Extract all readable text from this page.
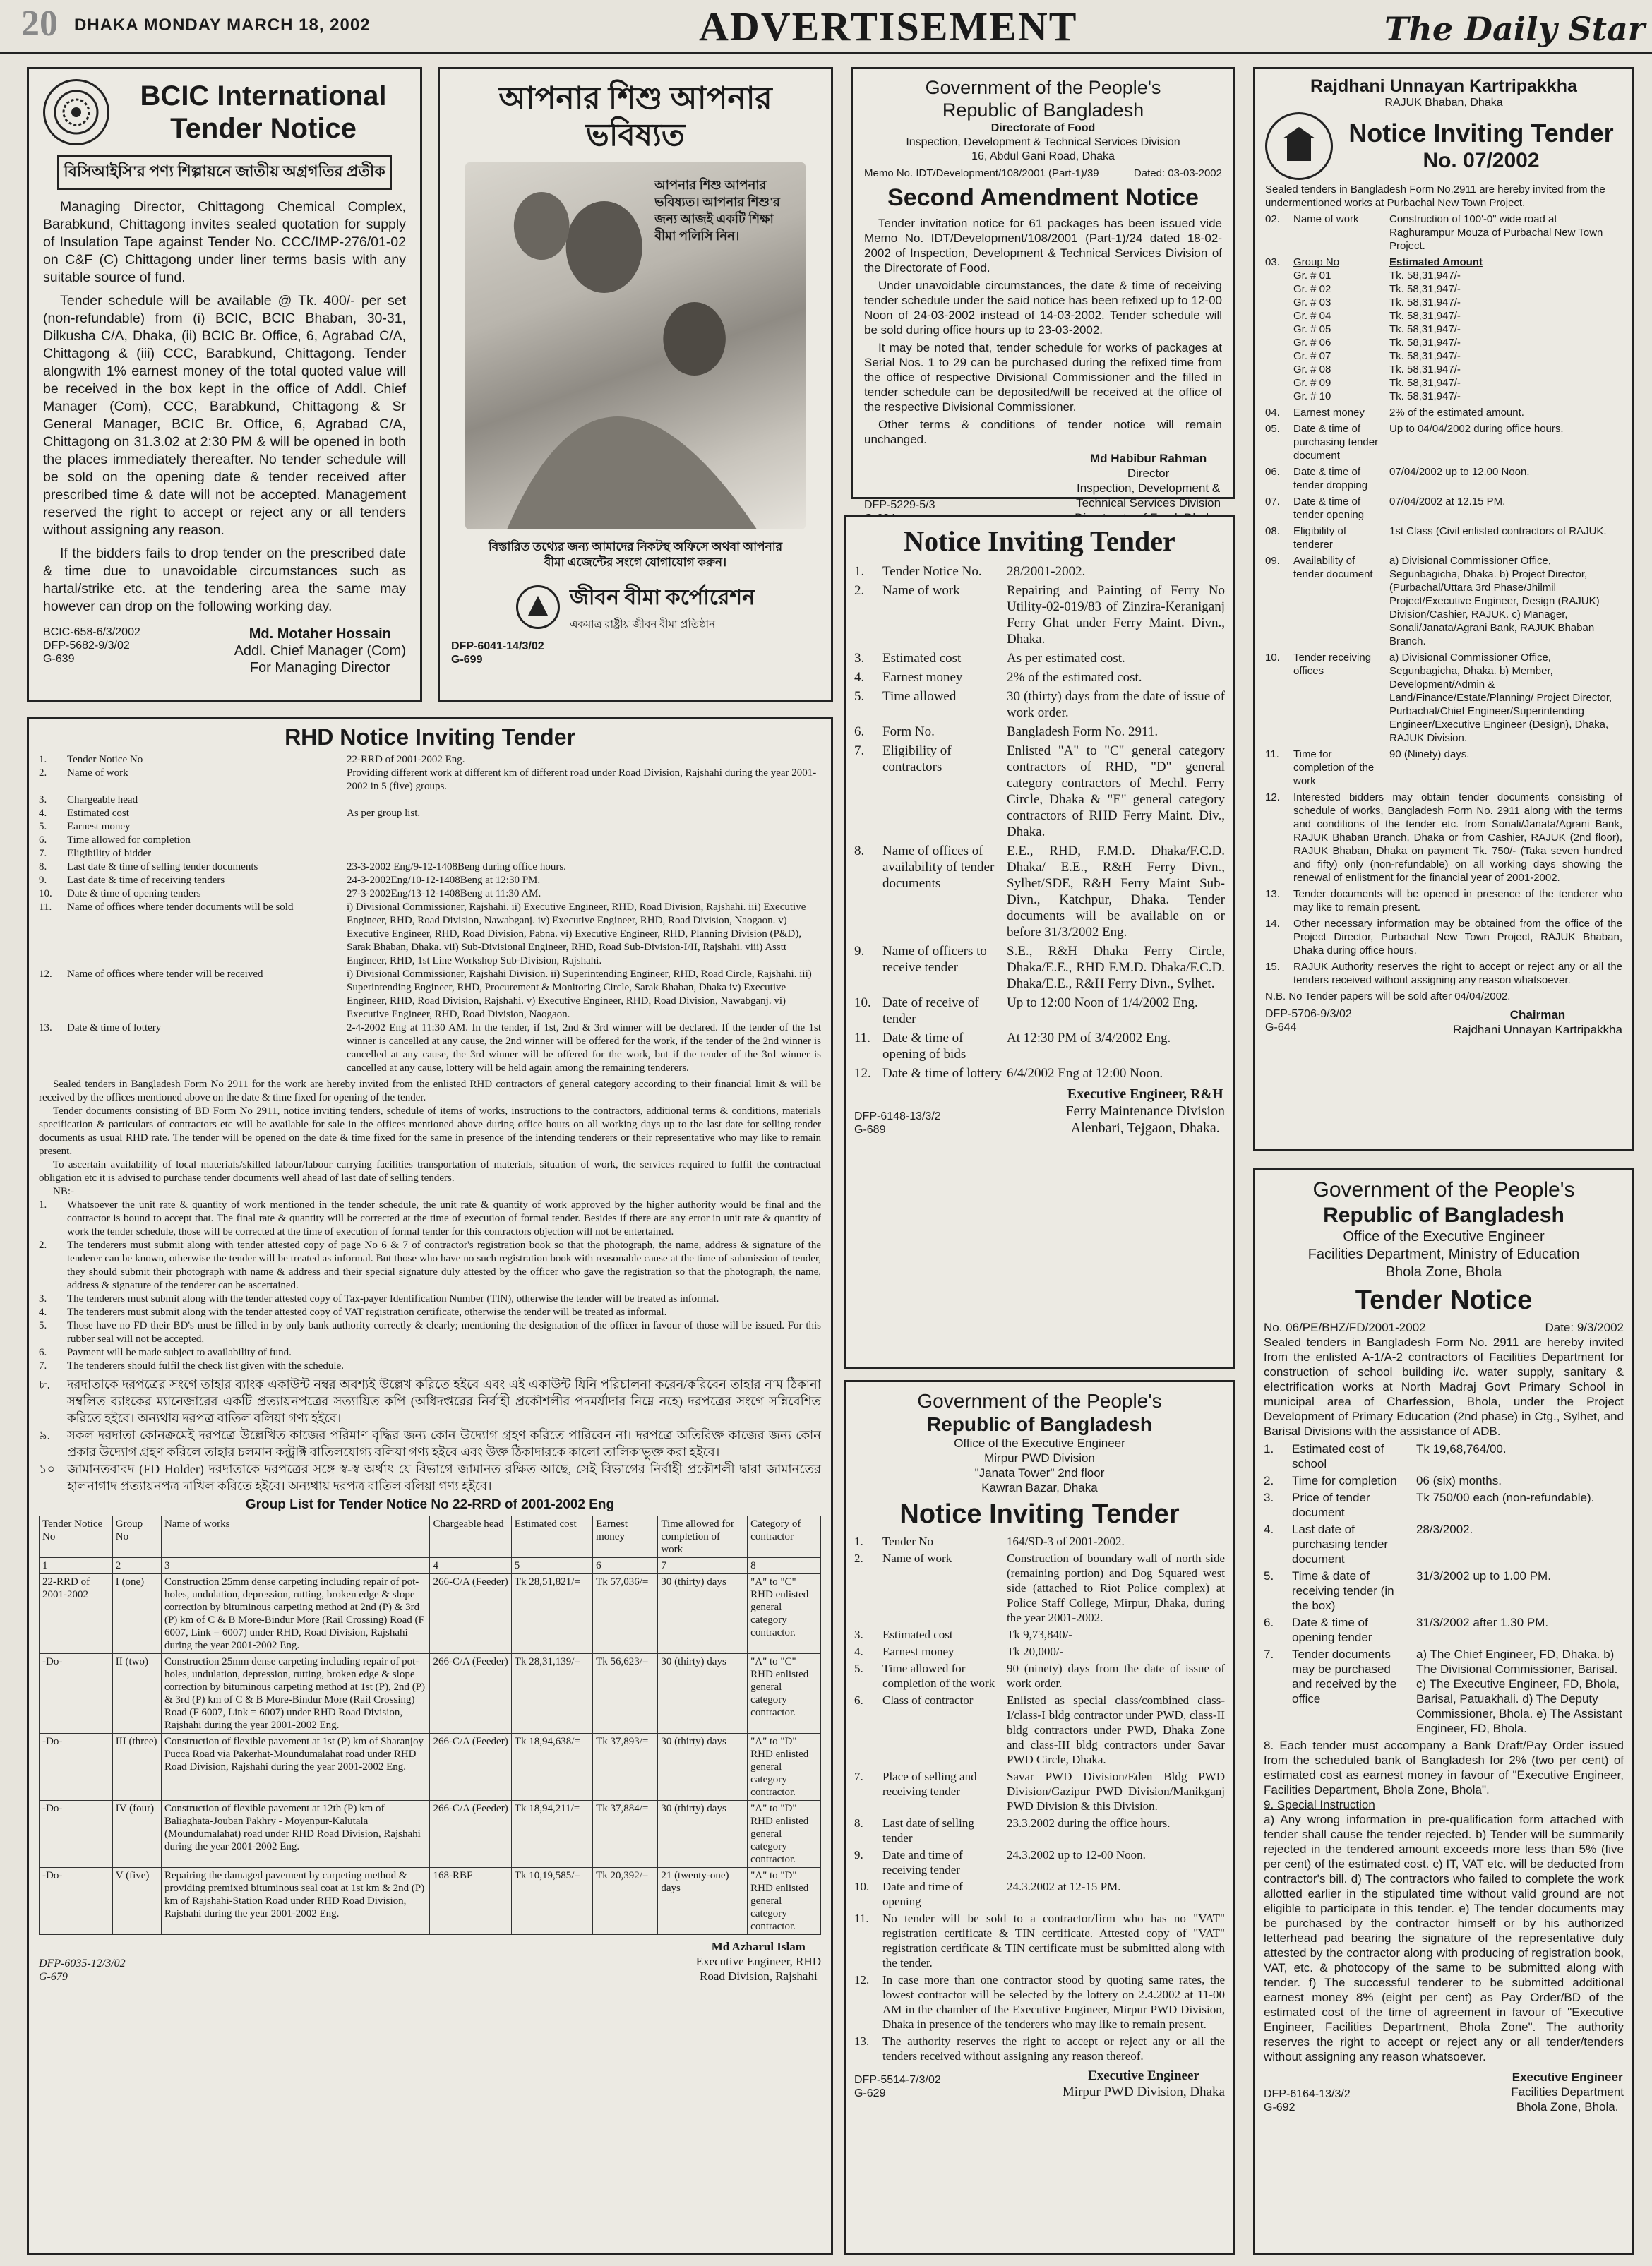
20 DHAKA MONDAY MARCH 18, 2002	ADVERTISEMENT	The Daily Star
BCIC International
Tender Notice
বিসিআইসি'র পণ্য শিল্পায়নে জাতীয় অগ্রগতির প্রতীক

Managing Director, Chittagong Chemical Complex, Barabkund, Chittagong invites sealed quotation for supply of Insulation Tape against Tender No. CCC/IMP-276/01-02 on C&F (C) Chittagong under liner terms basis with any suitable source of fund.

Tender schedule will be available @ Tk. 400/- per set (non-refundable) from (i) BCIC, BCIC Bhaban, 30-31, Dilkusha C/A, Dhaka, (ii) BCIC Br. Office, 6, Agrabad C/A, Chittagong & (iii) CCC, Barabkund, Chittagong. Tender alongwith 1% earnest money of the total quoted value will be received in the box kept in the office of Addl. Chief Manager (Com), CCC, Barabkund, Chittagong & Sr General Manager, BCIC Br. Office, 6, Agrabad C/A, Chittagong on 31.3.02 at 2:30 PM & will be opened in both the places immediately thereafter. No tender schedule will be sold on the opening date & tender received after prescribed time & date will not be accepted. Management reserved the right to accept or reject any or all tenders without assigning any reason.

If the bidders fails to drop tender on the prescribed date & time due to unavoidable circumstances such as hartal/strike etc. at the tendering area the same may however can drop on the following working day.

BCIC-658-6/3/2002
DFP-5682-9/3/02
G-639
Md. Motaher Hossain
Addl. Chief Manager (Com)
For Managing Director
আপনার শিশু আপনার ভবিষ্যত
আপনার শিশু আপনার ভবিষ্যত। আপনার শিশু'র জন্য আজই একটি শিক্ষা বীমা পলিসি নিন।
বিস্তারিত তথ্যের জন্য আমাদের নিকটস্থ অফিসে অথবা আপনার বীমা এজেন্টের সংগে যোগাযোগ করুন।
জীবন বীমা কর্পোরেশন
একমাত্র রাষ্ট্রীয় জীবন বীমা প্রতিষ্ঠান
DFP-6041-14/3/02
G-699
Government of the People's
Republic of Bangladesh
Directorate of Food
Inspection, Development & Technical Services Division
16, Abdul Gani Road, Dhaka
Memo No. IDT/Development/108/2001 (Part-1)/39	Dated: 03-03-2002
Second Amendment Notice

Tender invitation notice for 61 packages has been issued vide Memo No. IDT/Development/108/2001 (Part-1)/24 dated 18-02-2002 of Inspection, Development & Technical Services Division of the Directorate of Food.

Under unavoidable circumstances, the date & time of receiving tender schedule under the said notice has been refixed up to 12-00 Noon of 24-03-2002 instead of 14-03-2002. Tender schedule will be sold during office hours up to 23-03-2002.

It may be noted that, tender schedule for works of packages at Serial Nos. 1 to 29 can be purchased during the refixed time from the office of respective Divisional Commissioner and the filled in tender schedule can be deposited/will be received at the office of the respective Divisional Commissioner.

Other terms & conditions of tender notice will remain unchanged.

DFP-5229-5/3
Md Habibur Rahman
Director
Inspection, Development &
Technical Services Division
Rajdhani Unnayan Kartripakkha
RAJUK Bhaban, Dhaka
Notice Inviting Tender
No. 07/2002
Sealed tenders in Bangladesh Form No.2911 are hereby invited from the undermentioned works at Purbachal New Town Project.
02.	Name of work	Construction of 100'-0" wide road at Raghurampur Mouza of Purbachal New Town Project.
03.	Group No	Estimated Amount
Gr. # 01	Tk. 58,31,947/-
Gr. # 02	Tk. 58,31,947/-
Gr. # 03	Tk. 58,31,947/-
Gr. # 04	Tk. 58,31,947/-
Gr. # 05	Tk. 58,31,947/-
Gr. # 06	Tk. 58,31,947/-
Gr. # 07	Tk. 58,31,947/-
Gr. # 08	Tk. 58,31,947/-
Gr. # 09	Tk. 58,31,947/-
Gr. # 10	Tk. 58,31,947/-
04.	Earnest money	2% of the estimated amount.
05.	Date & time of purchasing tender document
Up to 04/04/2002 during office hours.
06.	Date & time of tender dropping
07/04/2002 up to 12.00 Noon.
07.	Date & time of tender opening
07/04/2002 at 12.15 PM.
08.	Eligibility of tenderer
1st Class (Civil enlisted contractors of RAJUK.
09.	Availability of tender document
a) Divisional Commissioner Office, Segunbagicha, Dhaka. b) Project Director, (Purbachal/Uttara 3rd Phase/Jhilmil Project/Executive Engineer, Design (RAJUK) Division/Cashier, RAJUK. c) Manager, Sonali/Janata/Agrani Bank, RAJUK Bhaban Branch.
10.	Tender receiving offices
a) Divisional Commissioner Office, Segunbagicha, Dhaka. b) Member, Development/Admin & Land/Finance/Estate/Planning/ Project Director, Purbachal/Chief Engineer/Superintending Engineer/Executive Engineer (Design), Dhaka, RAJUK Division.
11.	Time for completion of the work
90 (Ninety) days.
12.	Interested bidders may obtain tender documents consisting of schedule of works, Bangladesh Form No. 2911 along with the terms and conditions of the tender etc. from Sonali/Janata/Agrani Bank, RAJUK Bhaban Branch, Dhaka or from Cashier, RAJUK (2nd floor), RAJUK Bhaban, Dhaka on payment Tk. 750/- (Taka seven hundred and fifty) only (non-refundable) on all working days showing the renewal of enlistment for the financial year of 2001-2002.
13.	Tender documents will be opened in presence of the tenderer who may like to remain present.
14.	Other necessary information may be obtained from the office of the Project Director, Purbachal New Town Project, RAJUK Bhaban, Dhaka during office hours.
15.	RAJUK Authority reserves the right to accept or reject any or all the tenders received without assigning any reason whatsoever.
N.B. No Tender papers will be sold after 04/04/2002.
DFP-5706-9/3/02
G-644
Chairman
Rajdhani Unnayan Kartripakkha
RHD Notice Inviting Tender
1.	Tender Notice No	22-RRD of 2001-2002 Eng.
2.	Name of work	Providing different work at different km of different road under Road Division, Rajshahi during the year 2001-2002 in 5 (five) groups.
3.	Chargeable head
4.	Estimated cost	As per group list.
5.	Earnest money
6.	Time allowed for completion
7.	Eligibility of bidder
8.	Last date & time of selling tender documents	23-3-2002 Eng/9-12-1408Beng during office hours.
9.	Last date & time of receiving tenders	24-3-2002Eng/10-12-1408Beng at 12:30 PM.
10.	Date & time of opening tenders	27-3-2002Eng/13-12-1408Beng at 11:30 AM.
11.	Name of offices where tender documents will be sold	i) Divisional Commissioner, Rajshahi. ii) Executive Engineer, RHD, Road Division, Rajshahi. iii) Executive Engineer, RHD, Road Division, Nawabganj. iv) Executive Engineer, RHD, Road Division, Naogaon. v) Executive Engineer, RHD, Road Division, Pabna. vi) Executive Engineer, RHD, Planning Division (P&D), Sarak Bhaban, Dhaka. vii) Sub-Divisional Engineer, RHD, Road Sub-Division-I/II, Rajshahi. viii) Asstt Engineer, RHD, 1st Line Workshop Sub-Division, Rajshahi.
12.	Name of offices where tender will be received	i) Divisional Commissioner, Rajshahi Division. ii) Superintending Engineer, RHD, Road Circle, Rajshahi. iii) Superintending Engineer, RHD, Procurement & Monitoring Circle, Sarak Bhaban, Dhaka iv) Executive Engineer, RHD, Road Division, Rajshahi. v) Executive Engineer, RHD, Road Division, Nawabganj. vi) Executive Engineer, RHD, Road Division, Naogaon.
13.	Date & time of lottery	2-4-2002 Eng at 11:30 AM. In the tender, if 1st, 2nd & 3rd winner will be declared. If the tender of the 1st winner is cancelled at any cause, the 2nd winner will be offered for the work, if the tender of the 2nd winner is cancelled at any cause, the 3rd winner will be offered for the work, but if the tender of the 3rd winner is cancelled at any cause, lottery will be held again among the remaining tenderers.

Sealed tenders in Bangladesh Form No 2911 for the work are hereby invited from the enlisted RHD contractors of general category according to their financial limit & will be received by the offices mentioned above on the date & time fixed for opening of the tender.

Tender documents consisting of BD Form No 2911, notice inviting tenders, schedule of items of works, instructions to the contractors, additional terms & conditions, materials specification & particulars of contractors etc will be available for sale in the offices mentioned above during office hours on all working days up to the last date for selling tender documents as usual RHD rate. The tender will be opened on the date & time fixed for the same in presence of the intending tenderers or their representative who may like to remain present.

To ascertain availability of local materials/skilled labour/labour carrying facilities transportation of materials, situation of work, the services required to fulfil the contractual obligation etc it is advised to purchase tender documents well ahead of last date of selling tenders.

NB:-
1.	Whatsoever the unit rate & quantity of work mentioned in the tender schedule, the unit rate & quantity of work approved by the higher authority would be final and the contractor is bound to accept that. The final rate & quantity will be corrected at the time of execution of formal tender. Besides if there are any error in unit rate & quantity of work the tender schedule, those will be corrected at the time of execution of formal tender for this contractors objection will not be entertained.
2.	The tenderers must submit along with tender attested copy of page No 6 & 7 of contractor's registration book so that the photograph, the name, address & signature of the tenderer can be known, otherwise the tender will be treated as informal. But those who have no such registration book with reasonable cause at the time of submission of tender, they should submit their photograph with name & address and their special signature duly attested by the officer who gave the registration so that the photograph, the name, address & signature of the tenderer can be ascertained.
3.	The tenderers must submit along with the tender attested copy of Tax-payer Identification Number (TIN), otherwise the tender will be treated as informal.
4.	The tenderers must submit along with the tender attested copy of VAT registration certificate, otherwise the tender will be treated as informal.
5.	Those have no FD their BD's must be filled in by only bank authority correctly & clearly; mentioning the designation of the officer in favour of those will be issued. For this rubber seal will not be accepted.
6.	Payment will be made subject to availability of fund.
7.	The tenderers should fulfil the check list given with the schedule.
৮.	দরদাতাকে দরপত্রের সংগে তাহার ব্যাংক একাউন্ট নম্বর অবশ্যই উল্লেখ করিতে হইবে এবং এই একাউন্ট যিনি পরিচালনা করেন/করিবেন তাহার নাম ঠিকানা সম্বলিত ব্যাংকের ম্যানেজারের একটি প্রত্যায়নপত্রের সত্যায়িত কপি (অধিদপ্তরের নির্বাহী প্রকৌশলীর পদমর্যাদার নিম্নে নহে) দরপত্রের সংগে সন্নিবেশিত করিতে হইবে। অন্যথায় দরপত্র বাতিল বলিয়া গণ্য হইবে।
৯.	সকল দরদাতা কোনক্রমেই দরপত্রে উল্লেখিত কাজের পরিমাণ বৃদ্ধির জন্য কোন উদ্যোগ গ্রহণ করিতে পারিবেন না। দরপত্রে অতিরিক্ত কাজের জন্য কোন প্রকার উদ্যোগ গ্রহণ করিলে তাহার চলমান কন্ট্রাক্ট বাতিলযোগ্য বলিয়া গণ্য হইবে এবং উক্ত ঠিকাদারকে কালো তালিকাভুক্ত করা হইবে।
১০ জামানতবাবদ (FD Holder) দরদাতাকে দরপত্রের সঙ্গে স্ব-স্ব অর্থাৎ যে বিভাগে জামানত রক্ষিত আছে, সেই বিভাগের নির্বাহী প্রকৌশলী দ্বারা জামানতের হালনাগাদ প্রত্যায়নপত্র দাখিল করিতে হইবে। অন্যথায় দরপত্র বাতিল বলিয়া গণ্য হইবে।
Group List for Tender Notice No 22-RRD of 2001-2002 Eng
Tender Notice No	Group No	Name of works	Chargeable head	Estimated cost	Earnest money	Time allowed for completion of work	Category of contractor
1	2	3	4	5	6	7	8
22-RRD of 2001-2002	I (one)	Construction 25mm dense carpeting including repair of pot-holes, undulation, depression, rutting, broken edge & slope correction by bituminous carpeting method at 2nd (P) & 3rd (P) km of C & B More-Bindur More (Rail Crossing) Road (F 6007, Link = 6007) under RHD, Road Division, Rajshahi during the year 2001-2002 Eng.	266-C/A (Feeder)	Tk 28,51,821/=	Tk 57,036/=	30 (thirty) days	"A" to "C" RHD enlisted general category contractor.
-Do-	II (two)	Construction 25mm dense carpeting including repair of pot-holes, undulation, depression, rutting, broken edge & slope correction by bituminous carpeting method at 1st (P), 2nd (P) & 3rd (P) km of C & B More-Bindur More (Rail Crossing) Road (F 6007, Link = 6007) under RHD Road Division, Rajshahi during the year 2001-2002 Eng.	266-C/A (Feeder)	Tk 28,31,139/=	Tk 56,623/=	30 (thirty) days	"A" to "C" RHD enlisted general category contractor.
-Do-	III (three)	Construction of flexible pavement at 1st (P) km of Sharanjoy Pucca Road via Pakerhat-Moundumalahat road under RHD Road Division, Rajshahi during the year 2001-2002 Eng.	266-C/A (Feeder)	Tk 18,94,638/=	Tk 37,893/=	30 (thirty) days	"A" to "D" RHD enlisted general category contractor.
-Do-	IV (four)	Construction of flexible pavement at 12th (P) km of Baliaghata-Jouban Pakhry - Moyenpur-Kalutala (Moundumalahat) road under RHD Road Division, Rajshahi during the year 2001-2002 Eng.	266-C/A (Feeder)	Tk 18,94,211/=	Tk 37,884/=	30 (thirty) days	"A" to "D" RHD enlisted general category contractor.
-Do-	V (five)	Repairing the damaged pavement by carpeting method & providing premixed bituminous seal coat at 1st km & 2nd (P) km of Rajshahi-Station Road under RHD Road Division, Rajshahi during the year 2001-2002 Eng.	168-RBF	Tk 10,19,585/=	Tk 20,392/=	21 (twenty-one) days	"A" to "D" RHD enlisted general category contractor.
DFP-6035-12/3/02
G-679
Md Azharul Islam
Executive Engineer, RHD
Road Division, Rajshahi
Notice Inviting Tender
1.	Tender Notice No.	28/2001-2002.
2.	Name of work	Repairing and Painting of Ferry No Utility-02-019/83 of Zinzira-Keraniganj Ferry Ghat under Ferry Maint. Divn., Dhaka.
3.	Estimated cost	As per estimated cost.
4.	Earnest money	2% of the estimated cost.
5.	Time allowed	30 (thirty) days from the date of issue of work order.
6.	Form No.	Bangladesh Form No. 2911.
7.	Eligibility of contractors
Enlisted "A" to "C" general category contractors of RHD, "D" general category contractors of Mechl. Ferry Circle, Dhaka & "E" general category contractors of RHD Ferry Maint. Div., Dhaka.
8.	Name of offices of availability of tender documents
E.E., RHD, F.M.D. Dhaka/F.C.D. Dhaka/ E.E., R&H Ferry Divn., Sylhet/SDE, R&H Ferry Maint Sub-Divn., Katchpur, Dhaka. Tender documents will be available on or before 31/3/2002 Eng.
9.	Name of officers to receive tender
S.E., R&H Dhaka Ferry Circle, Dhaka/E.E., RHD F.M.D. Dhaka/F.C.D. Dhaka/E.E., R&H Ferry Divn., Sylhet.
10. Date of receive of tender
Up to 12:00 Noon of 1/4/2002 Eng.
11. Date & time of opening of bids
At 12:30 PM of 3/4/2002 Eng.
12. Date & time of lottery 6/4/2002 Eng at 12:00 Noon.
DFP-6148-13/3/2
G-689
Executive Engineer, R&H
Ferry Maintenance Division
Alenbari, Tejgaon, Dhaka.
Government of the People's
Republic of Bangladesh
Office of the Executive Engineer
Mirpur PWD Division
"Janata Tower" 2nd floor
Kawran Bazar, Dhaka
Notice Inviting Tender
1.	Tender No	164/SD-3 of 2001-2002.
2.	Name of work	Construction of boundary wall of north side (remaining portion) and Dog Squared west side (attached to Riot Police complex) at Police Staff College, Mirpur, Dhaka, during the year 2001-2002.
3.	Estimated cost	Tk 9,73,840/-
4.	Earnest money	Tk 20,000/-
5.	Time allowed for completion of the work
90 (ninety) days from the date of issue of work order.
6.	Class of contractor	Enlisted as special class/combined class-I/class-I bldg contractor under PWD, class-II bldg contractors under PWD, Dhaka Zone and class-III bldg contractors under Savar PWD Circle, Dhaka.
7.	Place of selling and receiving tender
Savar PWD Division/Eden Bldg PWD Division/Gazipur PWD Division/Manikganj PWD Division & this Division.
8.	Last date of selling tender
23.3.2002 during the office hours.
9.	Date and time of receiving tender
24.3.2002 up to 12-00 Noon.
10.	Date and time of opening
24.3.2002 at 12-15 PM.
11.	No tender will be sold to a contractor/firm who has no "VAT" registration certificate & TIN certificate. Attested copy of "VAT" registration certificate & TIN certificate must be submitted along with the tender.
12.	In case more than one contractor stood by quoting same rates, the lowest contractor will be selected by the lottery on 2.4.2002 at 11-00 AM in the chamber of the Executive Engineer, Mirpur PWD Division, Dhaka in presence of the tenderers who may like to remain present.
13.	The authority reserves the right to accept or reject any or all the tenders received without assigning any reason thereof.
DFP-5514-7/3/02
G-629
Executive Engineer
Mirpur PWD Division, Dhaka
Government of the People's
Republic of Bangladesh
Office of the Executive Engineer
Facilities Department, Ministry of Education
Bhola Zone, Bhola
Tender Notice
No. 06/PE/BHZ/FD/2001-2002	Date: 9/3/2002
Sealed tenders in Bangladesh Form No. 2911 are hereby invited from the enlisted A-1/A-2 contractors of Facilities Department for construction of school building i/c. water supply, sanitary & electrification works at North Madraj Govt Primary School in municipal area of Charfession, Bhola, under the Project Development of Primary Education (2nd phase) in Ctg., Sylhet, and Barisal Divisions with the assistance of ADB.
1.	Estimated cost of school
Tk 19,68,764/00.
2.	Time for completion	06 (six) months.
3.	Price of tender document
Tk 750/00 each (non-refundable).
4.	Last date of purchasing tender document
28/3/2002.
5.	Time & date of receiving tender (in the box)
31/3/2002 up to 1.00 PM.
6.	Date & time of opening tender
31/3/2002 after 1.30 PM.
7.	Tender documents may be purchased and received by the office
a) The Chief Engineer, FD, Dhaka. b) The Divisional Commissioner, Barisal. c) The Executive Engineer, FD, Bhola, Barisal, Patuakhali. d) The Deputy Commissioner, Bhola. e) The Assistant Engineer, FD, Bhola.
8. Each tender must accompany a Bank Draft/Pay Order issued from the scheduled bank of Bangladesh for 2% (two per cent) of estimated cost as earnest money in favour of "Executive Engineer, Facilities Department, Bhola Zone, Bhola".
9. Special Instruction
a) Any wrong information in pre-qualification form attached with tender shall cause the tender rejected. b) Tender will be summarily rejected in the tendered amount exceeds more less than 5% (five per cent) of the estimated cost. c) IT, VAT etc. will be deducted from contractor's bill. d) The contractors who failed to complete the work allotted earlier in the stipulated time without valid ground are not eligible to participate in this tender. e) The tender documents may be purchased by the contractor himself or by his authorized letterhead pad bearing the signature of the representative duly attested by the contractor along with producing of registration book, VAT, etc. & photocopy of the same to be submitted along with tender. f) The successful tenderer to be submitted additional earnest money 8% (eight per cent) as Pay Order/BD of the estimated cost of the time of agreement in favour of "Executive Engineer, Facilities Department, Bhola Zone". The authority reserves the right to accept or reject any or all tender/tenders without assigning any reason whatsoever.
DFP-6164-13/3/2
G-692
Executive Engineer
Facilities Department
Bhola Zone, Bhola.
